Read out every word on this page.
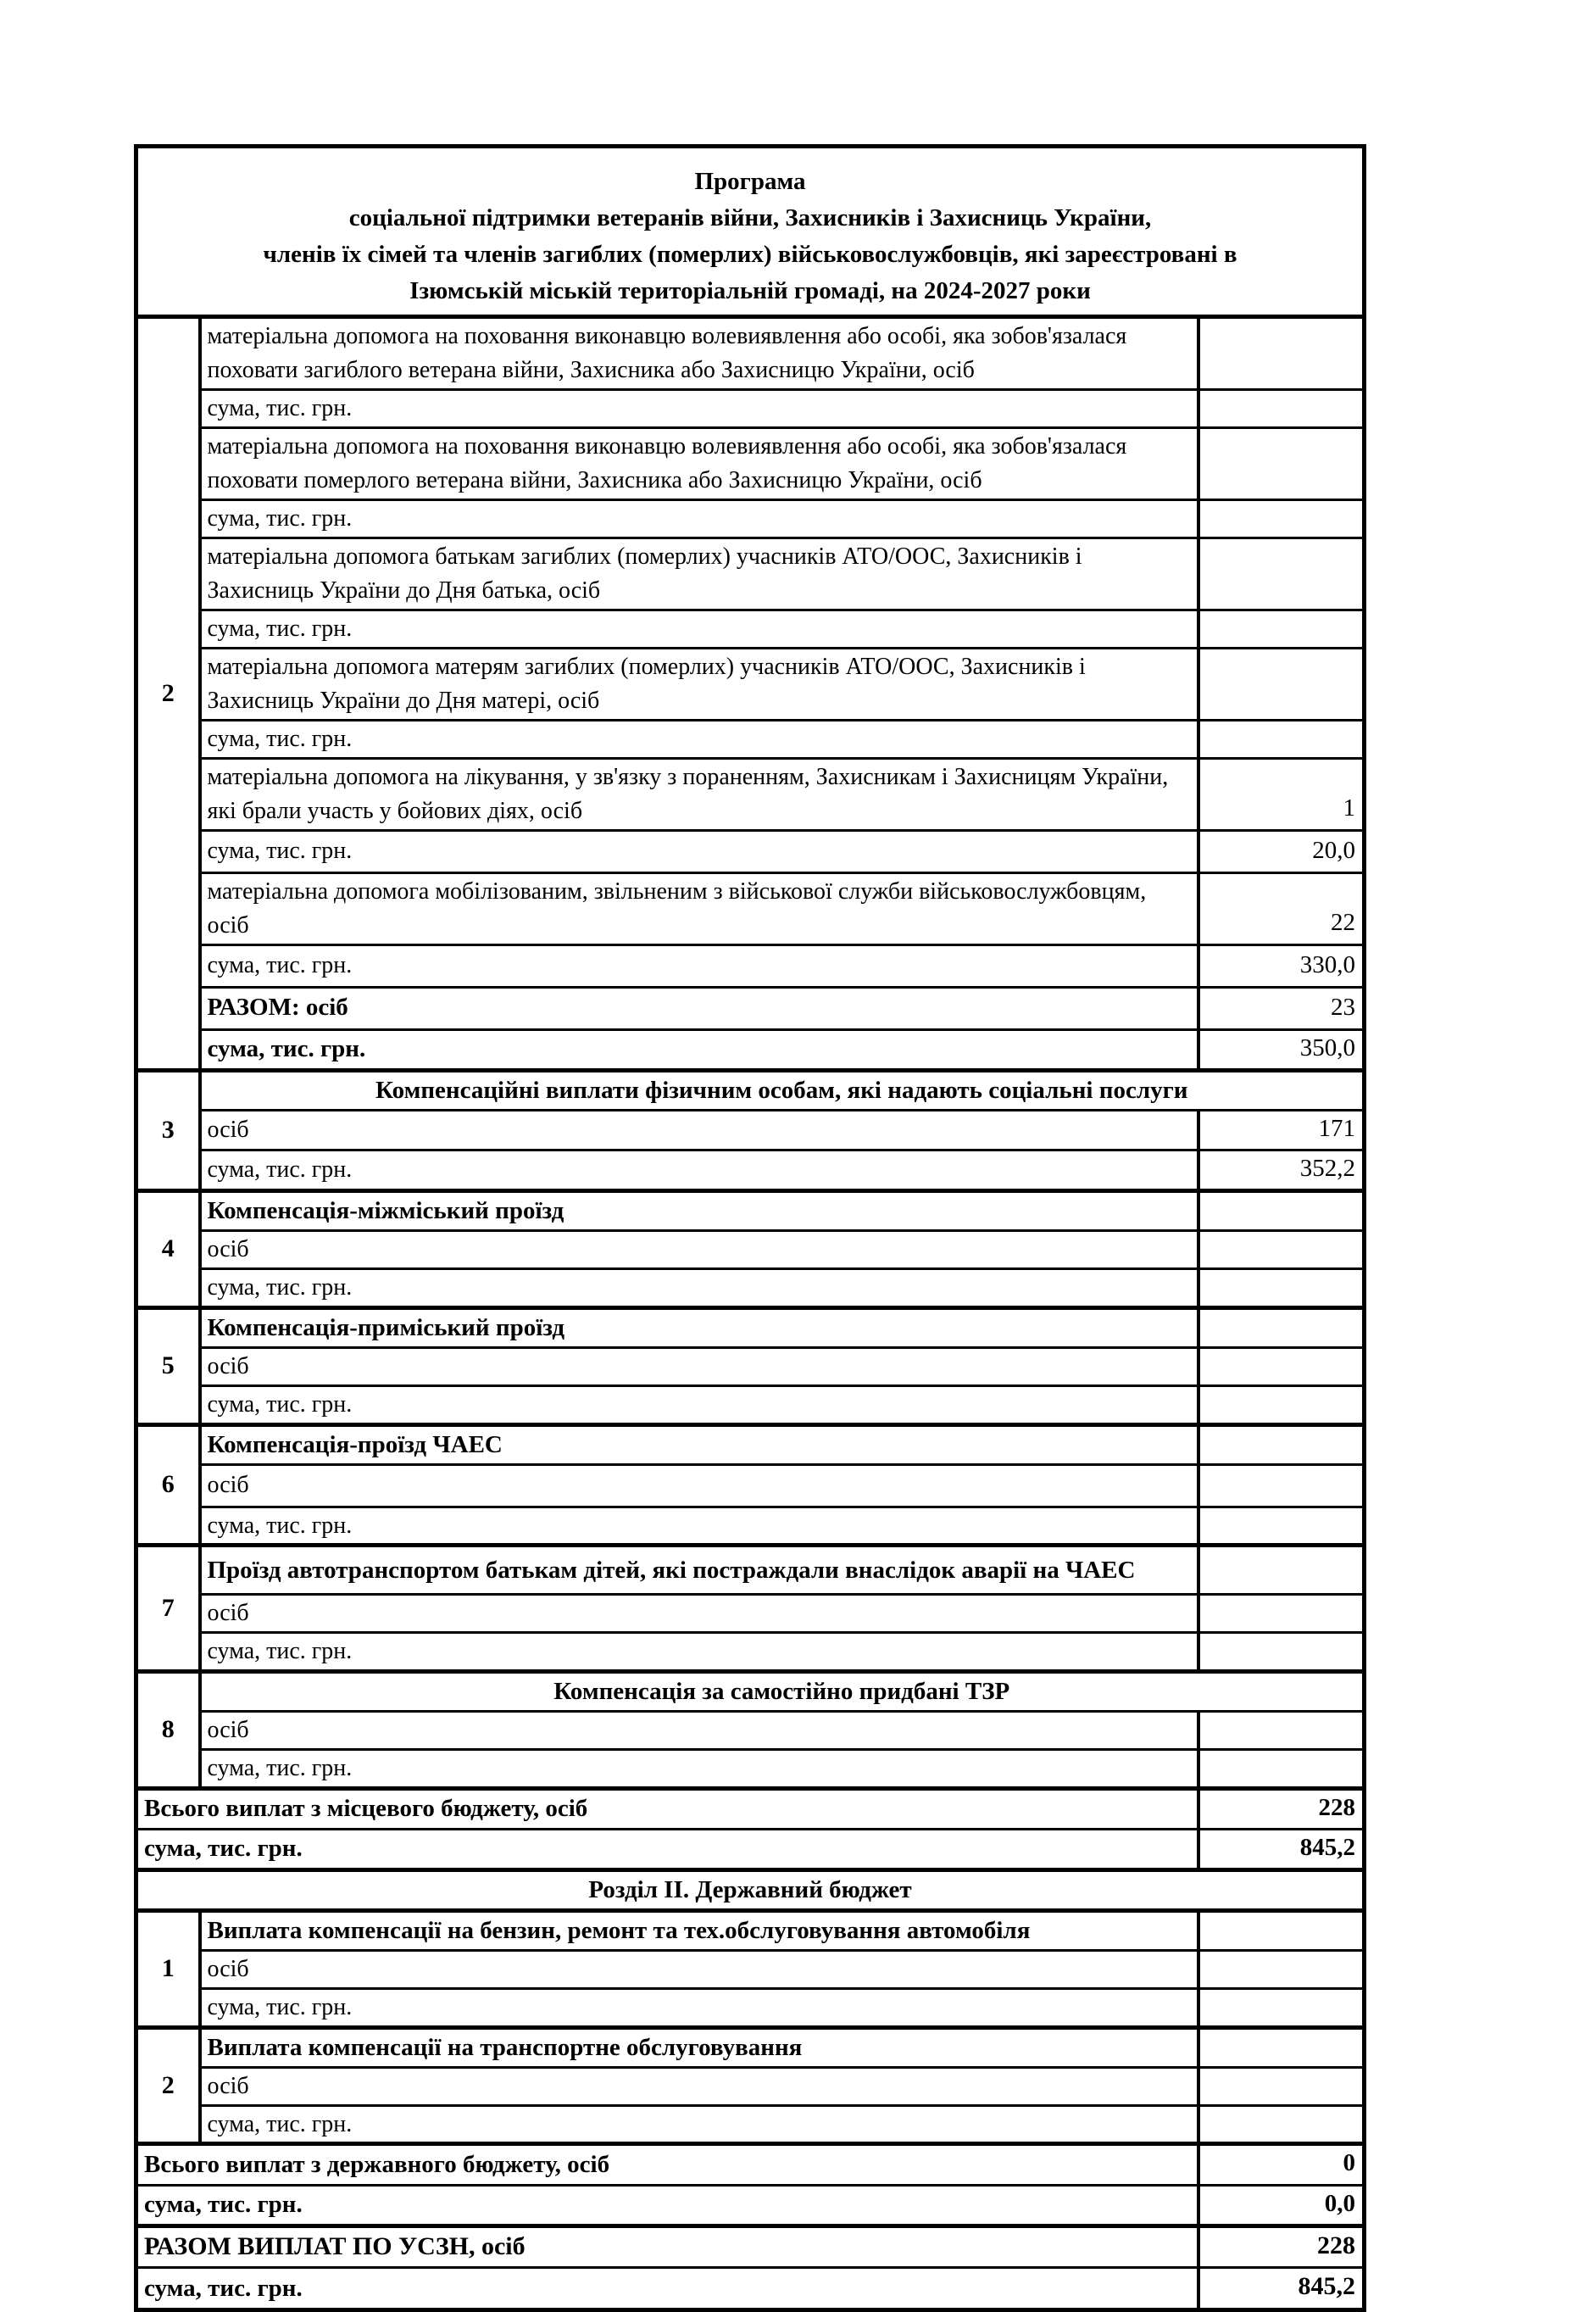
Програма
соціальної підтримки ветеранів війни, Захисників і Захисниць України,
членів їх сімей та членів загиблих (померлих) військовослужбовців, які зареєстровані в
Ізюмській міській територіальній громаді, на 2024-2027 роки		

2	матеріальна допомога на поховання виконавцю волевиявлення або особі, яка зобов'язалася поховати загиблого ветерана війни, Захисника або Захисницю України, осіб	
	сума, тис. грн.	
	матеріальна допомога на поховання виконавцю волевиявлення або особі, яка зобов'язалася поховати померлого ветерана війни, Захисника або Захисницю України, осіб	
	сума, тис. грн.	
	матеріальна допомога батькам загиблих (померлих) учасників АТО/ООС, Захисників і Захисниць України до Дня батька, осіб	
	сума, тис. грн.	
	матеріальна допомога матерям загиблих (померлих) учасників АТО/ООС, Захисників і Захисниць України до Дня матері, осіб	
	сума, тис. грн.	
	матеріальна допомога на лікування, у зв'язку з пораненням, Захисникам і Захисницям України, які брали участь у бойових діях, осіб	1
	сума, тис. грн.	20,0
	матеріальна допомога мобілізованим, звільненим з військової служби військовослужбовцям, осіб	22
	сума, тис. грн.	330,0
	РАЗОМ: осіб	23
	сума, тис. грн.	350,0
3	Компенсаційні виплати фізичним особам, які надають соціальні послуги	
	осіб	171
	сума, тис. грн.	352,2
4	Компенсація-міжміський проїзд	
	осіб	
	сума, тис. грн.	
5	Компенсація-приміський проїзд	
	осіб	
	сума, тис. грн.	
6	Компенсація-проїзд ЧАЕС	
	осіб	
	сума, тис. грн.	
7	Проїзд автотранспортом батькам дітей, які постраждали внаслідок аварії на ЧАЕС	
	осіб	
	сума, тис. грн.	
8	Компенсація за самостійно придбані ТЗР	
	осіб	
	сума, тис. грн.	
Всього виплат з місцевого бюджету, осіб		228
сума, тис. грн.		845,2
Розділ ІІ. Державний бюджет		
1	Виплата компенсації на бензин, ремонт та тех.обслуговування автомобіля	
	осіб	
	сума, тис. грн.	
2	Виплата компенсації на транспортне обслуговування	
	осіб	
	сума, тис. грн.	
Всього виплат з державного бюджету, осіб		0
сума, тис. грн.		0,0
РАЗОМ ВИПЛАТ ПО УСЗН, осіб		228
сума, тис. грн.		845,2
